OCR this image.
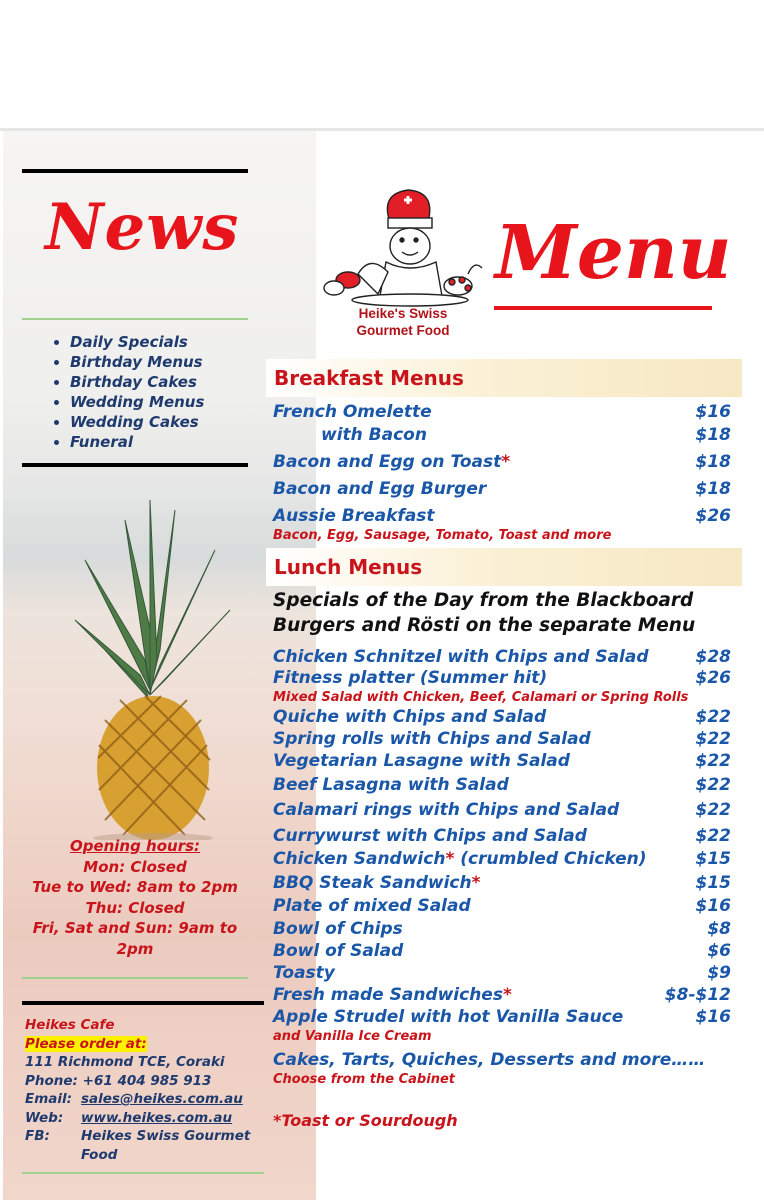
News
• Daily Specials
• Birthday Menus
• Birthday Cakes
• Wedding Menus
• Wedding Cakes
• Funeral
Opening hours:
Mon: Closed
Tue to Wed: 8am to 2pm
Thu: Closed
Fri, Sat and Sun: 9am to 2pm
Heikes Cafe
Please order at:
111 Richmond TCE, Coraki
Phone: +61 404 985 913
Email: sales@heikes.com.au
Web:	www.heikes.com.au
FB:	Heikes Swiss Gourmet Food
Heike's Swiss
Gourmet Food
Menu
Breakfast Menus
French Omelette	$16
with Bacon	$18
Bacon and Egg on Toast*	$18
Bacon and Egg Burger	$18
Aussie Breakfast	$26
Bacon, Egg, Sausage, Tomato, Toast and more
Lunch Menus
Specials of the Day from the Blackboard
Burgers and Rösti on the separate Menu
Chicken Schnitzel with Chips and Salad	$28
Fitness platter (Summer hit)	$26
Mixed Salad with Chicken, Beef, Calamari or Spring Rolls
Quiche with Chips and Salad	$22
Spring rolls with Chips and Salad	$22
Vegetarian Lasagne with Salad	$22
Beef Lasagna with Salad	$22
Calamari rings with Chips and Salad	$22
Currywurst with Chips and Salad	$22
Chicken Sandwich* (crumbled Chicken)	$15
BBQ Steak Sandwich*	$15
Plate of mixed Salad	$16
Bowl of Chips	$8
Bowl of Salad	$6
Toasty	$9
Fresh made Sandwiches*	$8-$12
Apple Strudel with hot Vanilla Sauce	$16
and Vanilla Ice Cream
Cakes, Tarts, Quiches, Desserts and more……
Choose from the Cabinet
*Toast or Sourdough
